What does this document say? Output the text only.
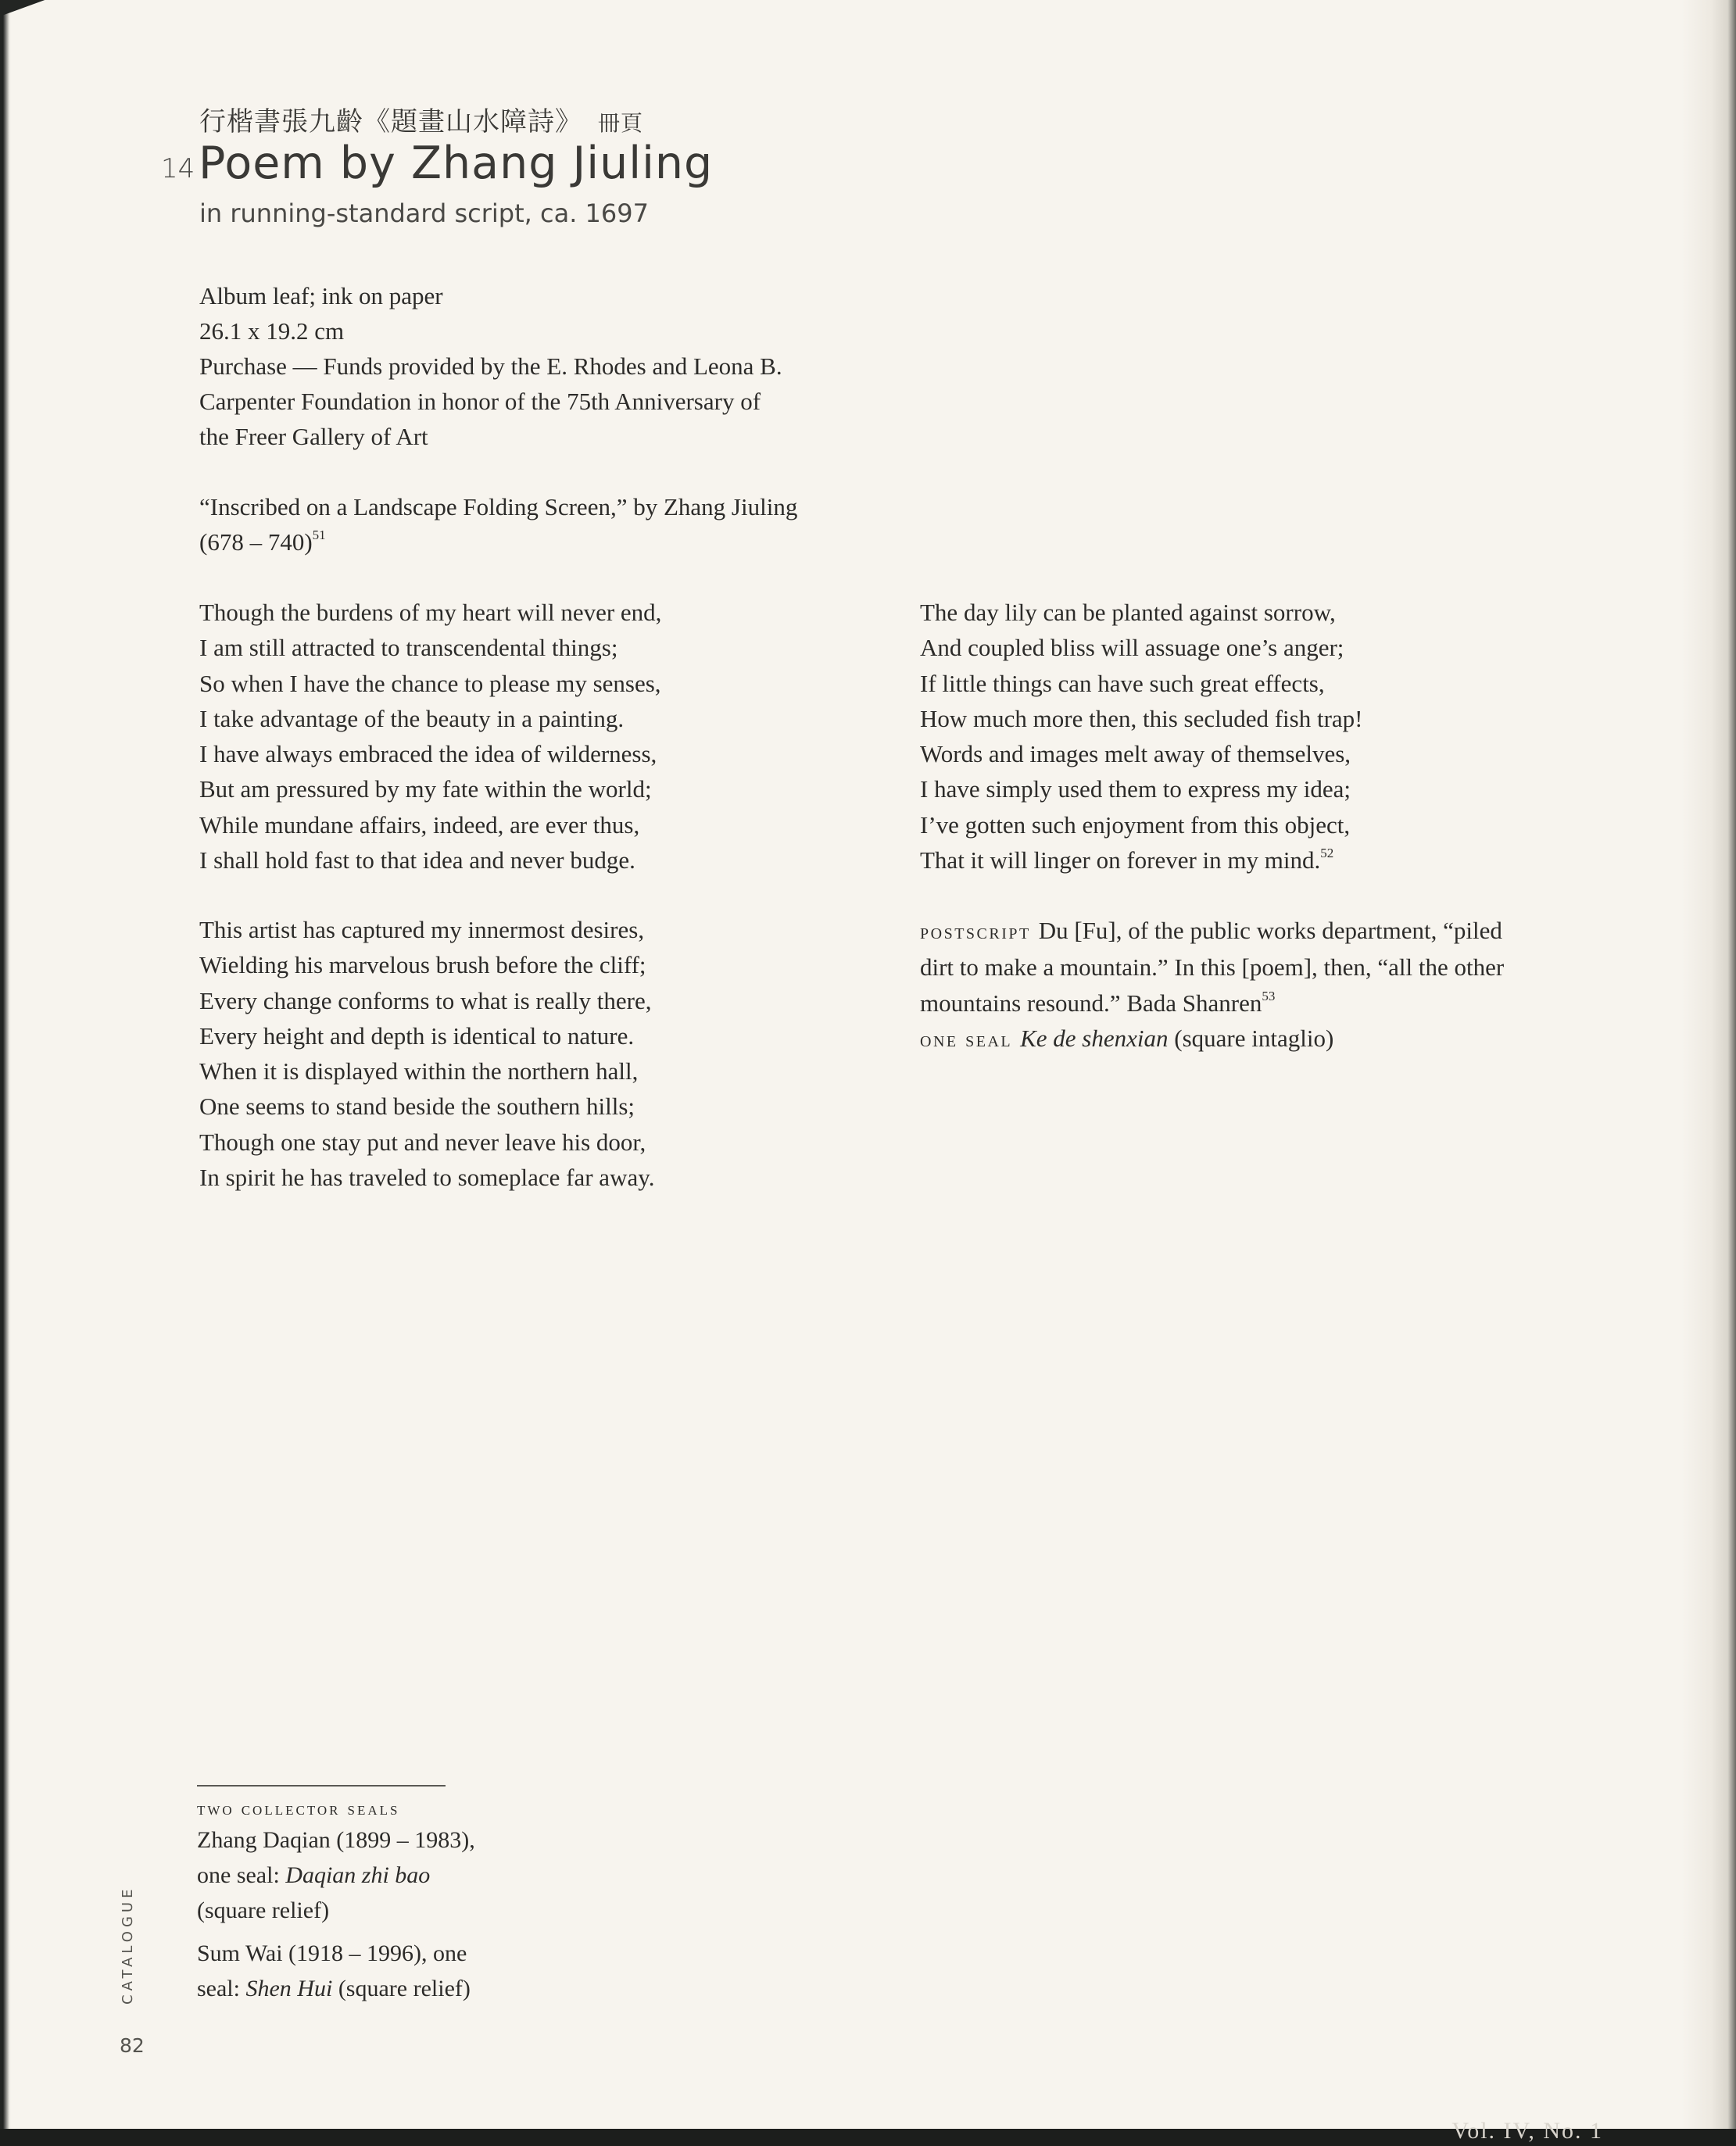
行楷書張九齡《題畫山水障詩》 冊頁
14 Poem by Zhang Jiuling
in running-standard script, ca. 1697
Album leaf; ink on paper
26.1 x 19.2 cm
Purchase — Funds provided by the E. Rhodes and Leona B.
Carpenter Foundation in honor of the 75th Anniversary of
the Freer Gallery of Art
“Inscribed on a Landscape Folding Screen,” by Zhang Jiuling
(678 – 740)$^{51}$
Though the burdens of my heart will never end,
I am still attracted to transcendental things;
So when I have the chance to please my senses,
I take advantage of the beauty in a painting.
I have always embraced the idea of wilderness,
But am pressured by my fate within the world;
While mundane affairs, indeed, are ever thus,
I shall hold fast to that idea and never budge.
This artist has captured my innermost desires,
Wielding his marvelous brush before the cliff;
Every change conforms to what is really there,
Every height and depth is identical to nature.
When it is displayed within the northern hall,
One seems to stand beside the southern hills;
Though one stay put and never leave his door,
In spirit he has traveled to someplace far away.
The day lily can be planted against sorrow,
And coupled bliss will assuage one’s anger;
If little things can have such great effects,
How much more then, this secluded fish trap!
Words and images melt away of themselves,
I have simply used them to express my idea;
I’ve gotten such enjoyment from this object,
That it will linger on forever in my mind.$^{52}$
postscript Du [Fu], of the public works department, “piled
dirt to make a mountain.” In this [poem], then, “all the other
mountains resound.” Bada Shanren$^{53}$
one seal Ke de shenxian (square intaglio)
two collector seals
Zhang Daqian (1899 – 1983),
one seal: Daqian zhi bao
(square relief)
Sum Wai (1918 – 1996), one
seal: Shen Hui (square relief)
CATALOGUE
82
Vol. IV, No. 1
